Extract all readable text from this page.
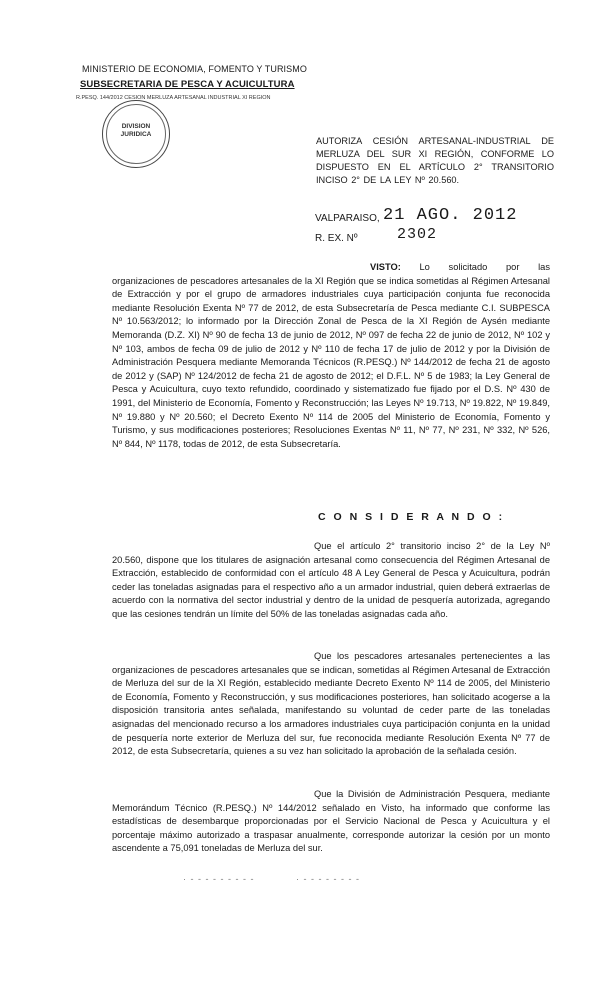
MINISTERIO DE ECONOMIA, FOMENTO Y TURISMO
SUBSECRETARIA DE PESCA Y ACUICULTURA
R.PESQ. 144/2012 CESION MERLUZA ARTESANAL INDUSTRIAL XI REGION
DIVISION
JURIDICA
AUTORIZA CESIÓN ARTESANAL-INDUSTRIAL DE MERLUZA DEL SUR XI REGIÓN, CONFORME LO DISPUESTO EN EL ARTÍCULO 2° TRANSITORIO INCISO 2° DE LA LEY Nº 20.560.
VALPARAISO, 21 AGO. 2012
R. EX. Nº	2302
VISTO: Lo solicitado por las organizaciones de pescadores artesanales de la XI Región que se indica sometidas al Régimen Artesanal de Extracción y por el grupo de armadores industriales cuya participación conjunta fue reconocida mediante Resolución Exenta Nº 77 de 2012, de esta Subsecretaría de Pesca mediante C.I. SUBPESCA Nº 10.563/2012; lo informado por la Dirección Zonal de Pesca de la XI Región de Aysén mediante Memoranda (D.Z. XI) Nº 90 de fecha 13 de junio de 2012, Nº 097 de fecha 22 de junio de 2012, Nº 102 y Nº 103, ambos de fecha 09 de julio de 2012 y Nº 110 de fecha 17 de julio de 2012 y por la División de Administración Pesquera mediante Memoranda Técnicos (R.PESQ.) Nº 144/2012 de fecha 21 de agosto de 2012 y (SAP) Nº 124/2012 de fecha 21 de agosto de 2012; el D.F.L. Nº 5 de 1983; la Ley General de Pesca y Acuicultura, cuyo texto refundido, coordinado y sistematizado fue fijado por el D.S. Nº 430 de 1991, del Ministerio de Economía, Fomento y Reconstrucción; las Leyes Nº 19.713, Nº 19.822, Nº 19.849, Nº 19.880 y Nº 20.560; el Decreto Exento Nº 114 de 2005 del Ministerio de Economía, Fomento y Turismo, y sus modificaciones posteriores; Resoluciones Exentas Nº 11, Nº 77, Nº 231, Nº 332, Nº 526, Nº 844, Nº 1178, todas de 2012, de esta Subsecretaría.
C O N S I D E R A N D O :
Que el artículo 2° transitorio inciso 2° de la Ley Nº 20.560, dispone que los titulares de asignación artesanal como consecuencia del Régimen Artesanal de Extracción, establecido de conformidad con el artículo 48 A Ley General de Pesca y Acuicultura, podrán ceder las toneladas asignadas para el respectivo año a un armador industrial, quien deberá extraerlas de acuerdo con la normativa del sector industrial y dentro de la unidad de pesquería autorizada, agregando que las cesiones tendrán un límite del 50% de las toneladas asignadas cada año.
Que los pescadores artesanales pertenecientes a las organizaciones de pescadores artesanales que se indican, sometidas al Régimen Artesanal de Extracción de Merluza del sur de la XI Región, establecido mediante Decreto Exento Nº 114 de 2005, del Ministerio de Economía, Fomento y Reconstrucción, y sus modificaciones posteriores, han solicitado acogerse a la disposición transitoria antes señalada, manifestando su voluntad de ceder parte de las toneladas asignadas del mencionado recurso a los armadores industriales cuya participación conjunta en la unidad de pesquería norte exterior de Merluza del sur, fue reconocida mediante Resolución Exenta Nº 77 de 2012, de esta Subsecretaría, quienes a su vez han solicitado la aprobación de la señalada cesión.
Que la División de Administración Pesquera, mediante Memorándum Técnico (R.PESQ.) Nº 144/2012 señalado en Visto, ha informado que conforme las estadísticas de desembarque proporcionadas por el Servicio Nacional de Pesca y Acuicultura y el porcentaje máximo autorizado a traspasar anualmente, corresponde autorizar la cesión por un monto ascendente a 75,091 toneladas de Merluza del sur.
· - - - - - - - - -	· - - - - - - - -
